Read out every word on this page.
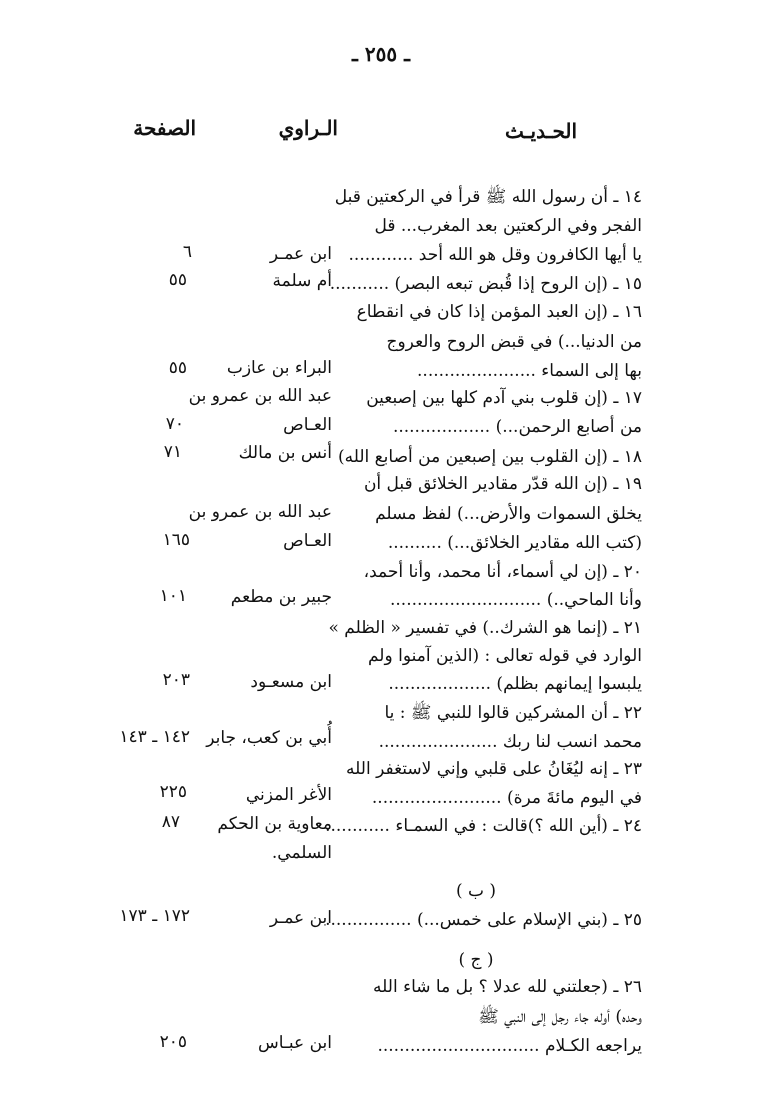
ـ ٢٥٥ ـ
الحـديـث
الـراوي
الصفحة
١٤ ـ أن رسول الله ﷺ قرأ في الركعتين قبل
الفجر وفي الركعتين بعد المغرب... قل
يا أيها الكافرون وقل هو الله أحد ............
ابن عمـر
٦
١٥ ـ (إن الروح إذا قُبض تبعه البصر) ...........
أم سلمة
٥٥
١٦ ـ (إن العبد المؤمن إذا كان في انقطاع
من الدنيا...) في قبض الروح والعروج
بها إلى السماء ......................
البراء بن عازب
٥٥
١٧ ـ (إن قلوب بني آدم كلها بين إصبعين
من أصابع الرحمن...) ..................
عبد الله بن عمرو بن
العـاص
٧٠
١٨ ـ (إن القلوب بين إصبعين من أصابع الله)
أنس بن مالك
٧١
١٩ ـ (إن الله قدّر مقادير الخلائق قبل أن
يخلق السموات والأرض...) لفظ مسلم
(كتب الله مقادير الخلائق...) ..........
عبد الله بن عمرو بن
العـاص
١٦٥
٢٠ ـ (إن لي أسماء، أنا محمد، وأنا أحمد،
وأنا الماحي..) ............................
جبير بن مطعم
١٠١
٢١ ـ (إنما هو الشرك..) في تفسير « الظلم »
الوارد في قوله تعالى : (الذين آمنوا ولم
يلبسوا إيمانهم بظلم) ...................
ابن مسعـود
٢٠٣
٢٢ ـ أن المشركين قالوا للنبي ﷺ : يا
محمد انسب لنا ربك ......................
أُبي بن كعب، جابر
١٤٢ ـ ١٤٣
٢٣ ـ إنه ليُغَانُ على قلبي وإني لاستغفر الله
في اليوم مائةَ مرة) ........................
الأغر المزني
٢٢٥
٢٤ ـ (أين الله ؟)قالت : في السمـاء ............
معاوية بن الحكم
السلمي.
٨٧
( ب )
٢٥ ـ (بني الإسلام على خمس...) ................
ابن عمـر
١٧٢ ـ ١٧٣
( ج )
٢٦ ـ (جعلتني لله عدلا ؟ بل ما شاء الله
وحده) أوله جاء رجل إلى النبي ﷺ
يراجعه الكـلام ..............................
ابن عبـاس
٢٠٥
